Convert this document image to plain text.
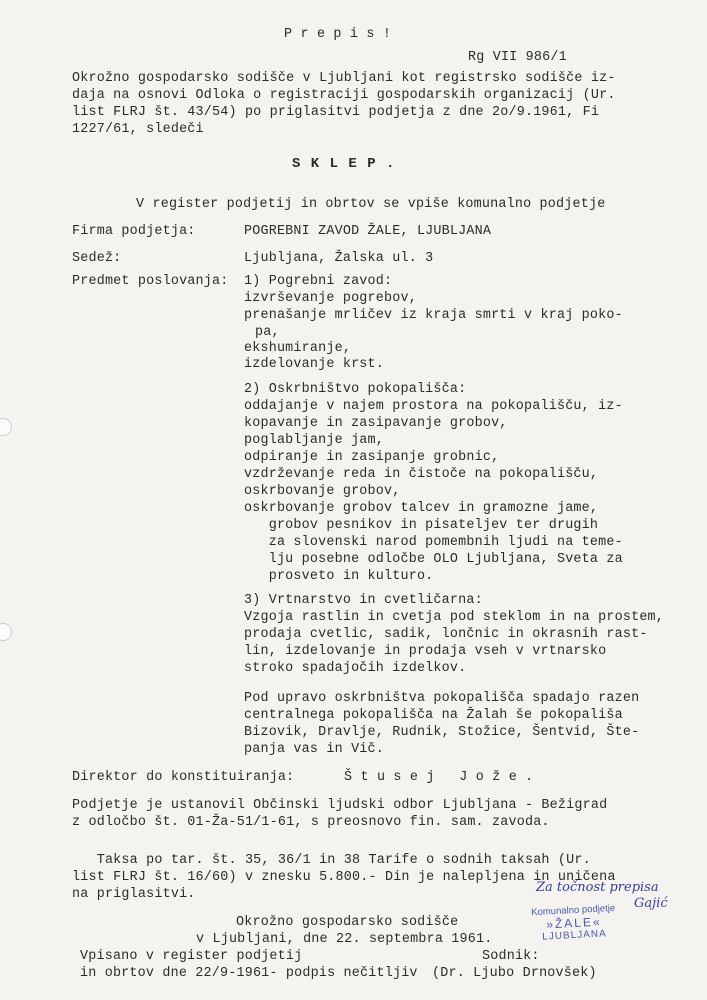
P r e p i s !
Rg VII 986/1
Okrožno gospodarsko sodišče v Ljubljani kot registrsko sodišče iz-
daja na osnovi Odloka o registraciji gospodarskih organizacij (Ur.
list FLRJ št. 43/54) po priglasitvi podjetja z dne 2o/9.1961, Fi
1227/61, sledeči
S K L E P .
V register podjetij in obrtov se vpiše komunalno podjetje
Firma podjetja:	POGREBNI ZAVOD ŽALE, LJUBLJANA
Sedež:	Ljubljana, Žalska ul. 3
Predmet poslovanja: 1) Pogrebni zavod:
izvrševanje pogrebov,
prenašanje mrličev iz kraja smrti v kraj poko-
pa,
ekshumiranje,
izdelovanje krst.
2) Oskrbništvo pokopališča:
oddajanje v najem prostora na pokopališču, iz-
kopavanje in zasipavanje grobov,
poglabljanje jam,
odpiranje in zasipanje grobnic,
vzdrževanje reda in čistoče na pokopališču,
oskrbovanje grobov,
oskrbovanje grobov talcev in gramozne jame,
grobov pesnikov in pisateljev ter drugih
za slovenski narod pomembnih ljudi na teme-
lju posebne odločbe OLO Ljubljana, Sveta za
prosveto in kulturo.
3) Vrtnarstvo in cvetličarna:
Vzgoja rastlin in cvetja pod steklom in na prostem,
prodaja cvetlic, sadik, lončnic in okrasnih rast-
lin, izdelovanje in prodaja vseh v vrtnarsko
stroko spadajočih izdelkov.
Pod upravo oskrbništva pokopališča spadajo razen
centralnega pokopališča na Žalah še pokopališa
Bizovik, Dravlje, Rudnik, Stožice, Šentvid, Šte-
panja vas in Vič.
Direktor do konstituiranja:	Š t u s e j   J o ž e .
Podjetje je ustanovil Občinski ljudski odbor Ljubljana - Bežigrad
z odločbo št. 01-Ža-51/1-61, s preosnovo fin. sam. zavoda.
Taksa po tar. št. 35, 36/1 in 38 Tarife o sodnih taksah (Ur.
list FLRJ št. 16/60) v znesku 5.800.- Din je nalepljena in uničena
na priglasitvi.
Okrožno gospodarsko sodišče
v Ljubljani, dne 22. septembra 1961.
Sodnik:
(Dr. Ljubo Drnovšek)
Vpisano v register podjetij
in obrtov dne 22/9-1961- podpis nečitljiv
Za točnost prepisa
Gajić
Komunalno podjetje
»ŽALE«
LJUBLJANA
